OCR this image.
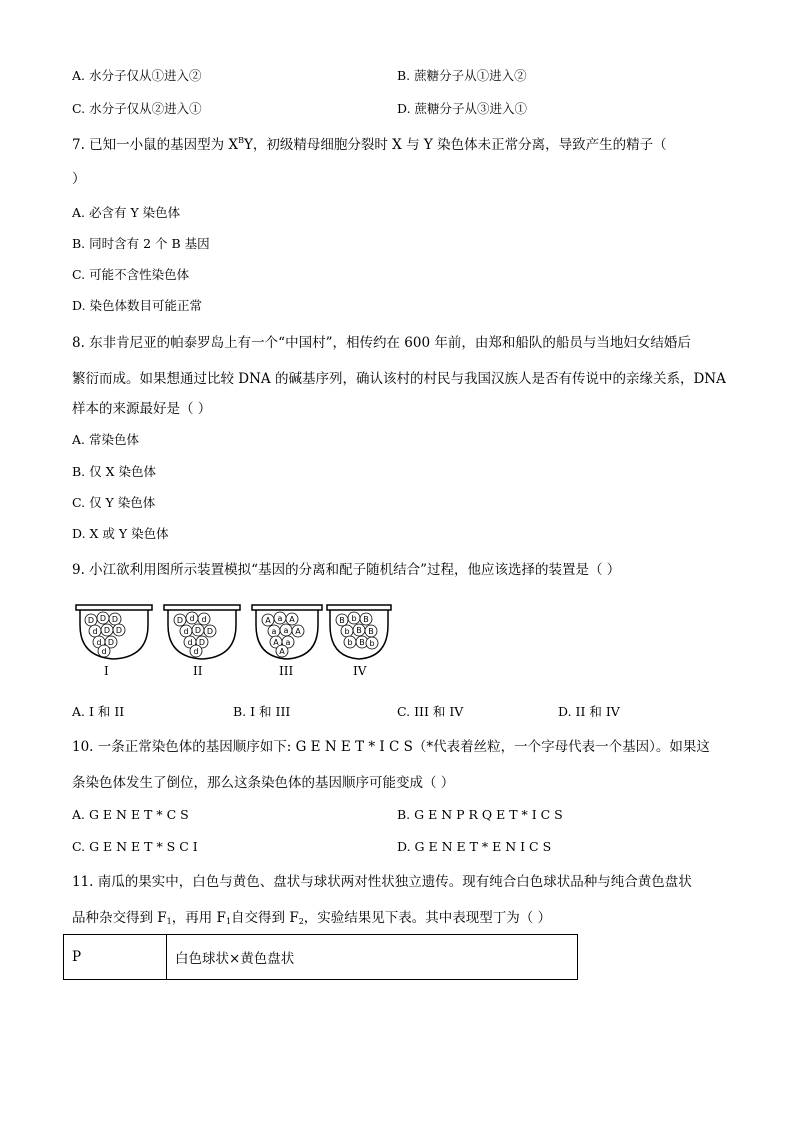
A. 水分子仅从①进入②	B. 蔗糖分子从①进入②
C. 水分子仅从②进入①	D. 蔗糖分子从③进入①
7. 已知一小鼠的基因型为 $X^BY$，初级精母细胞分裂时 X 与 Y 染色体未正常分离，导致产生的精子（
）
A. 必含有 Y 染色体
B. 同时含有 2 个 B 基因
C. 可能不含性染色体
D. 染色体数目可能正常
8. 东非肯尼亚的帕泰罗岛上有一个“中国村”，相传约在 600 年前，由郑和船队的船员与当地妇女结婚后
繁衍而成。如果想通过比较 DNA 的碱基序列，确认该村的村民与我国汉族人是否有传说中的亲缘关系，DNA
样本的来源最好是（ ）
A. 常染色体
B. 仅 X 染色体
C. 仅 Y 染色体
D. X 或 Y 染色体
9. 小江欲利用图所示装置模拟“基因的分离和配子随机结合”过程，他应该选择的装置是（ ）
D D D
d D D
d D
d
I
D d d
d D D
d D
d
II
A a A
a a A
A a
A
III
B b B
b B B
b B b
IV
A. I 和 II	B. I 和 III	C. III 和 IV	D. II 和 IV
10. 一条正常染色体的基因顺序如下: G E N E T * I C S（*代表着丝粒，一个字母代表一个基因）。如果这
条染色体发生了倒位，那么这条染色体的基因顺序可能变成（ ）
A. G E N E T * C S	B. G E N P R Q E T * I C S
C. G E N E T * S C I	D. G E N E T * E N I C S
11. 南瓜的果实中，白色与黄色、盘状与球状两对性状独立遗传。现有纯合白色球状品种与纯合黄色盘状
品种杂交得到 $F_1$，再用 $F_1$自交得到 $F_2$，实验结果见下表。其中表现型丁为（ ）
P	白色球状×黄色盘状
